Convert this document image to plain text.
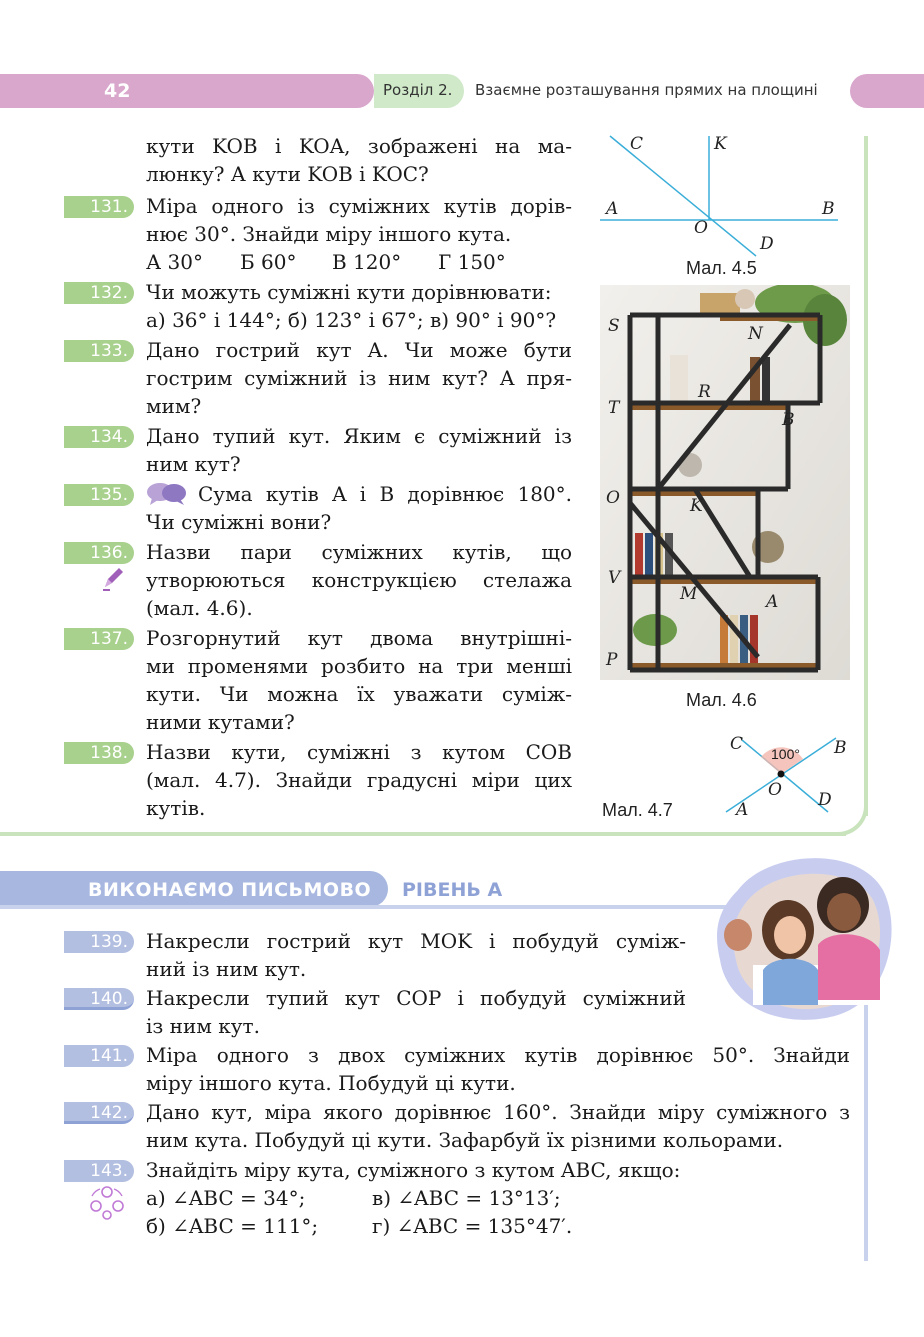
42	Розділ 2. Взаємне розташування прямих на площині
кути KOB і KOA, зображені на ма-
люнку? А кути KOB і KOC?
131. Міра одного із суміжних кутів дорів-
нює 30°. Знайди міру іншого кута.
А 30° Б 60° В 120° Г 150°
132. Чи можуть суміжні кути дорівнювати:
а) 36° і 144°; б) 123° і 67°; в) 90° і 90°?
133. Дано гострий кут A. Чи може бути
гострим суміжний із ним кут? А пря-
мим?
134. Дано тупий кут. Яким є суміжний із
ним кут?
135.	Сума кутів A і B дорівнює 180°.
Чи суміжні вони?
136. Назви пари суміжних кутів, що
утворюються конструкцією стелажа
(мал. 4.6).
137. Розгорнутий кут двома внутрішні-
ми променями розбито на три менші
кути. Чи можна їх уважати суміж-
ними кутами?
138. Назви кути, суміжні з кутом COB
(мал. 4.7). Знайди градусні міри цих
кутів.
C	K
A	B
O
D
Мал. 4.5
S	N
R
T
B
O	K
V
M	A
P
Мал. 4.6
C 100° B
O
A	D
Мал. 4.7
ВИКОНАЄМО ПИСЬМОВО РІВЕНЬ А
139. Накресли гострий кут MOK і побудуй суміж-
ний із ним кут.
140. Накресли тупий кут COP і побудуй суміжний
із ним кут.
141. Міра одного з двох суміжних кутів дорівнює 50°. Знайди
міру іншого кута. Побудуй ці кути.
142. Дано кут, міра якого дорівнює 160°. Знайди міру суміжного з
ним кута. Побудуй ці кути. Зафарбуй їх різними кольорами.
143. Знайдіть міру кута, суміжного з кутом ABC, якщо:
а) ∠ABC = 34°;	в) ∠ABC = 13°13′;
б) ∠ABC = 111°;	г) ∠ABC = 135°47′.
